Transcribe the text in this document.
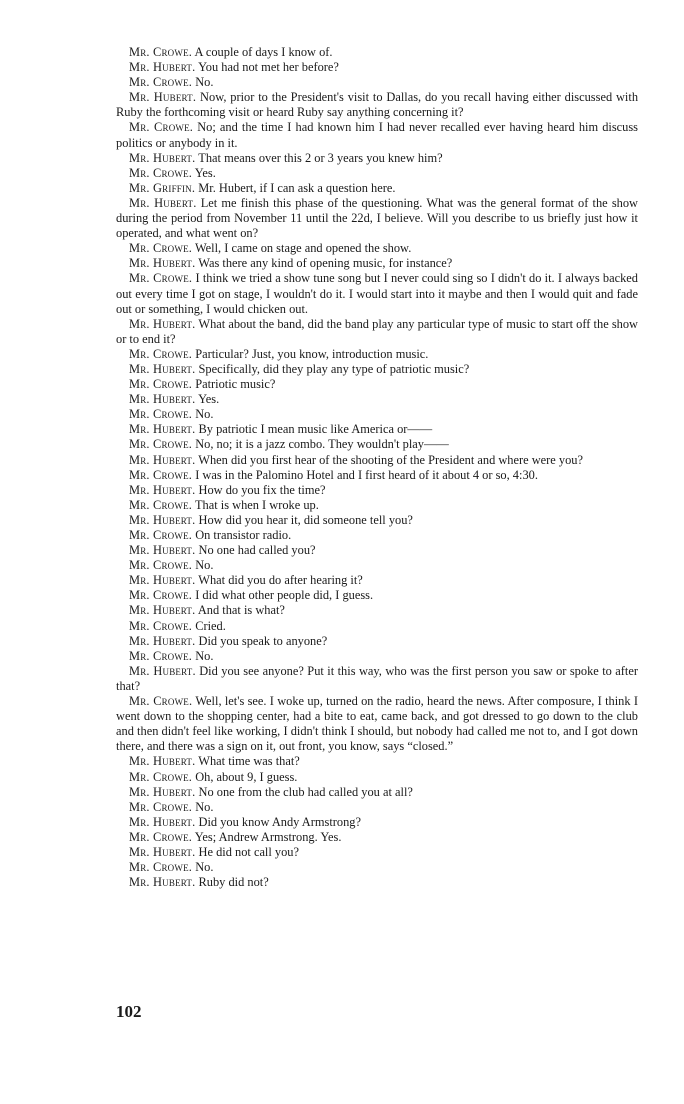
Mr. Crowe. A couple of days I know of.

Mr. Hubert. You had not met her before?

Mr. Crowe. No.

Mr. Hubert. Now, prior to the President's visit to Dallas, do you recall having either discussed with Ruby the forthcoming visit or heard Ruby say anything concerning it?

Mr. Crowe. No; and the time I had known him I had never recalled ever having heard him discuss politics or anybody in it.

Mr. Hubert. That means over this 2 or 3 years you knew him?

Mr. Crowe. Yes.

Mr. Griffin. Mr. Hubert, if I can ask a question here.

Mr. Hubert. Let me finish this phase of the questioning. What was the general format of the show during the period from November 11 until the 22d, I believe. Will you describe to us briefly just how it operated, and what went on?

Mr. Crowe. Well, I came on stage and opened the show.

Mr. Hubert. Was there any kind of opening music, for instance?

Mr. Crowe. I think we tried a show tune song but I never could sing so I didn't do it. I always backed out every time I got on stage, I wouldn't do it. I would start into it maybe and then I would quit and fade out or something, I would chicken out.

Mr. Hubert. What about the band, did the band play any particular type of music to start off the show or to end it?

Mr. Crowe. Particular? Just, you know, introduction music.

Mr. Hubert. Specifically, did they play any type of patriotic music?

Mr. Crowe. Patriotic music?

Mr. Hubert. Yes.

Mr. Crowe. No.

Mr. Hubert. By patriotic I mean music like America or——

Mr. Crowe. No, no; it is a jazz combo. They wouldn't play——

Mr. Hubert. When did you first hear of the shooting of the President and where were you?

Mr. Crowe. I was in the Palomino Hotel and I first heard of it about 4 or so, 4:30.

Mr. Hubert. How do you fix the time?

Mr. Crowe. That is when I wroke up.

Mr. Hubert. How did you hear it, did someone tell you?

Mr. Crowe. On transistor radio.

Mr. Hubert. No one had called you?

Mr. Crowe. No.

Mr. Hubert. What did you do after hearing it?

Mr. Crowe. I did what other people did, I guess.

Mr. Hubert. And that is what?

Mr. Crowe. Cried.

Mr. Hubert. Did you speak to anyone?

Mr. Crowe. No.

Mr. Hubert. Did you see anyone? Put it this way, who was the first person you saw or spoke to after that?

Mr. Crowe. Well, let's see. I woke up, turned on the radio, heard the news. After composure, I think I went down to the shopping center, had a bite to eat, came back, and got dressed to go down to the club and then didn't feel like working, I didn't think I should, but nobody had called me not to, and I got down there, and there was a sign on it, out front, you know, says “closed.”

Mr. Hubert. What time was that?

Mr. Crowe. Oh, about 9, I guess.

Mr. Hubert. No one from the club had called you at all?

Mr. Crowe. No.

Mr. Hubert. Did you know Andy Armstrong?

Mr. Crowe. Yes; Andrew Armstrong. Yes.

Mr. Hubert. He did not call you?

Mr. Crowe. No.

Mr. Hubert. Ruby did not?

102
